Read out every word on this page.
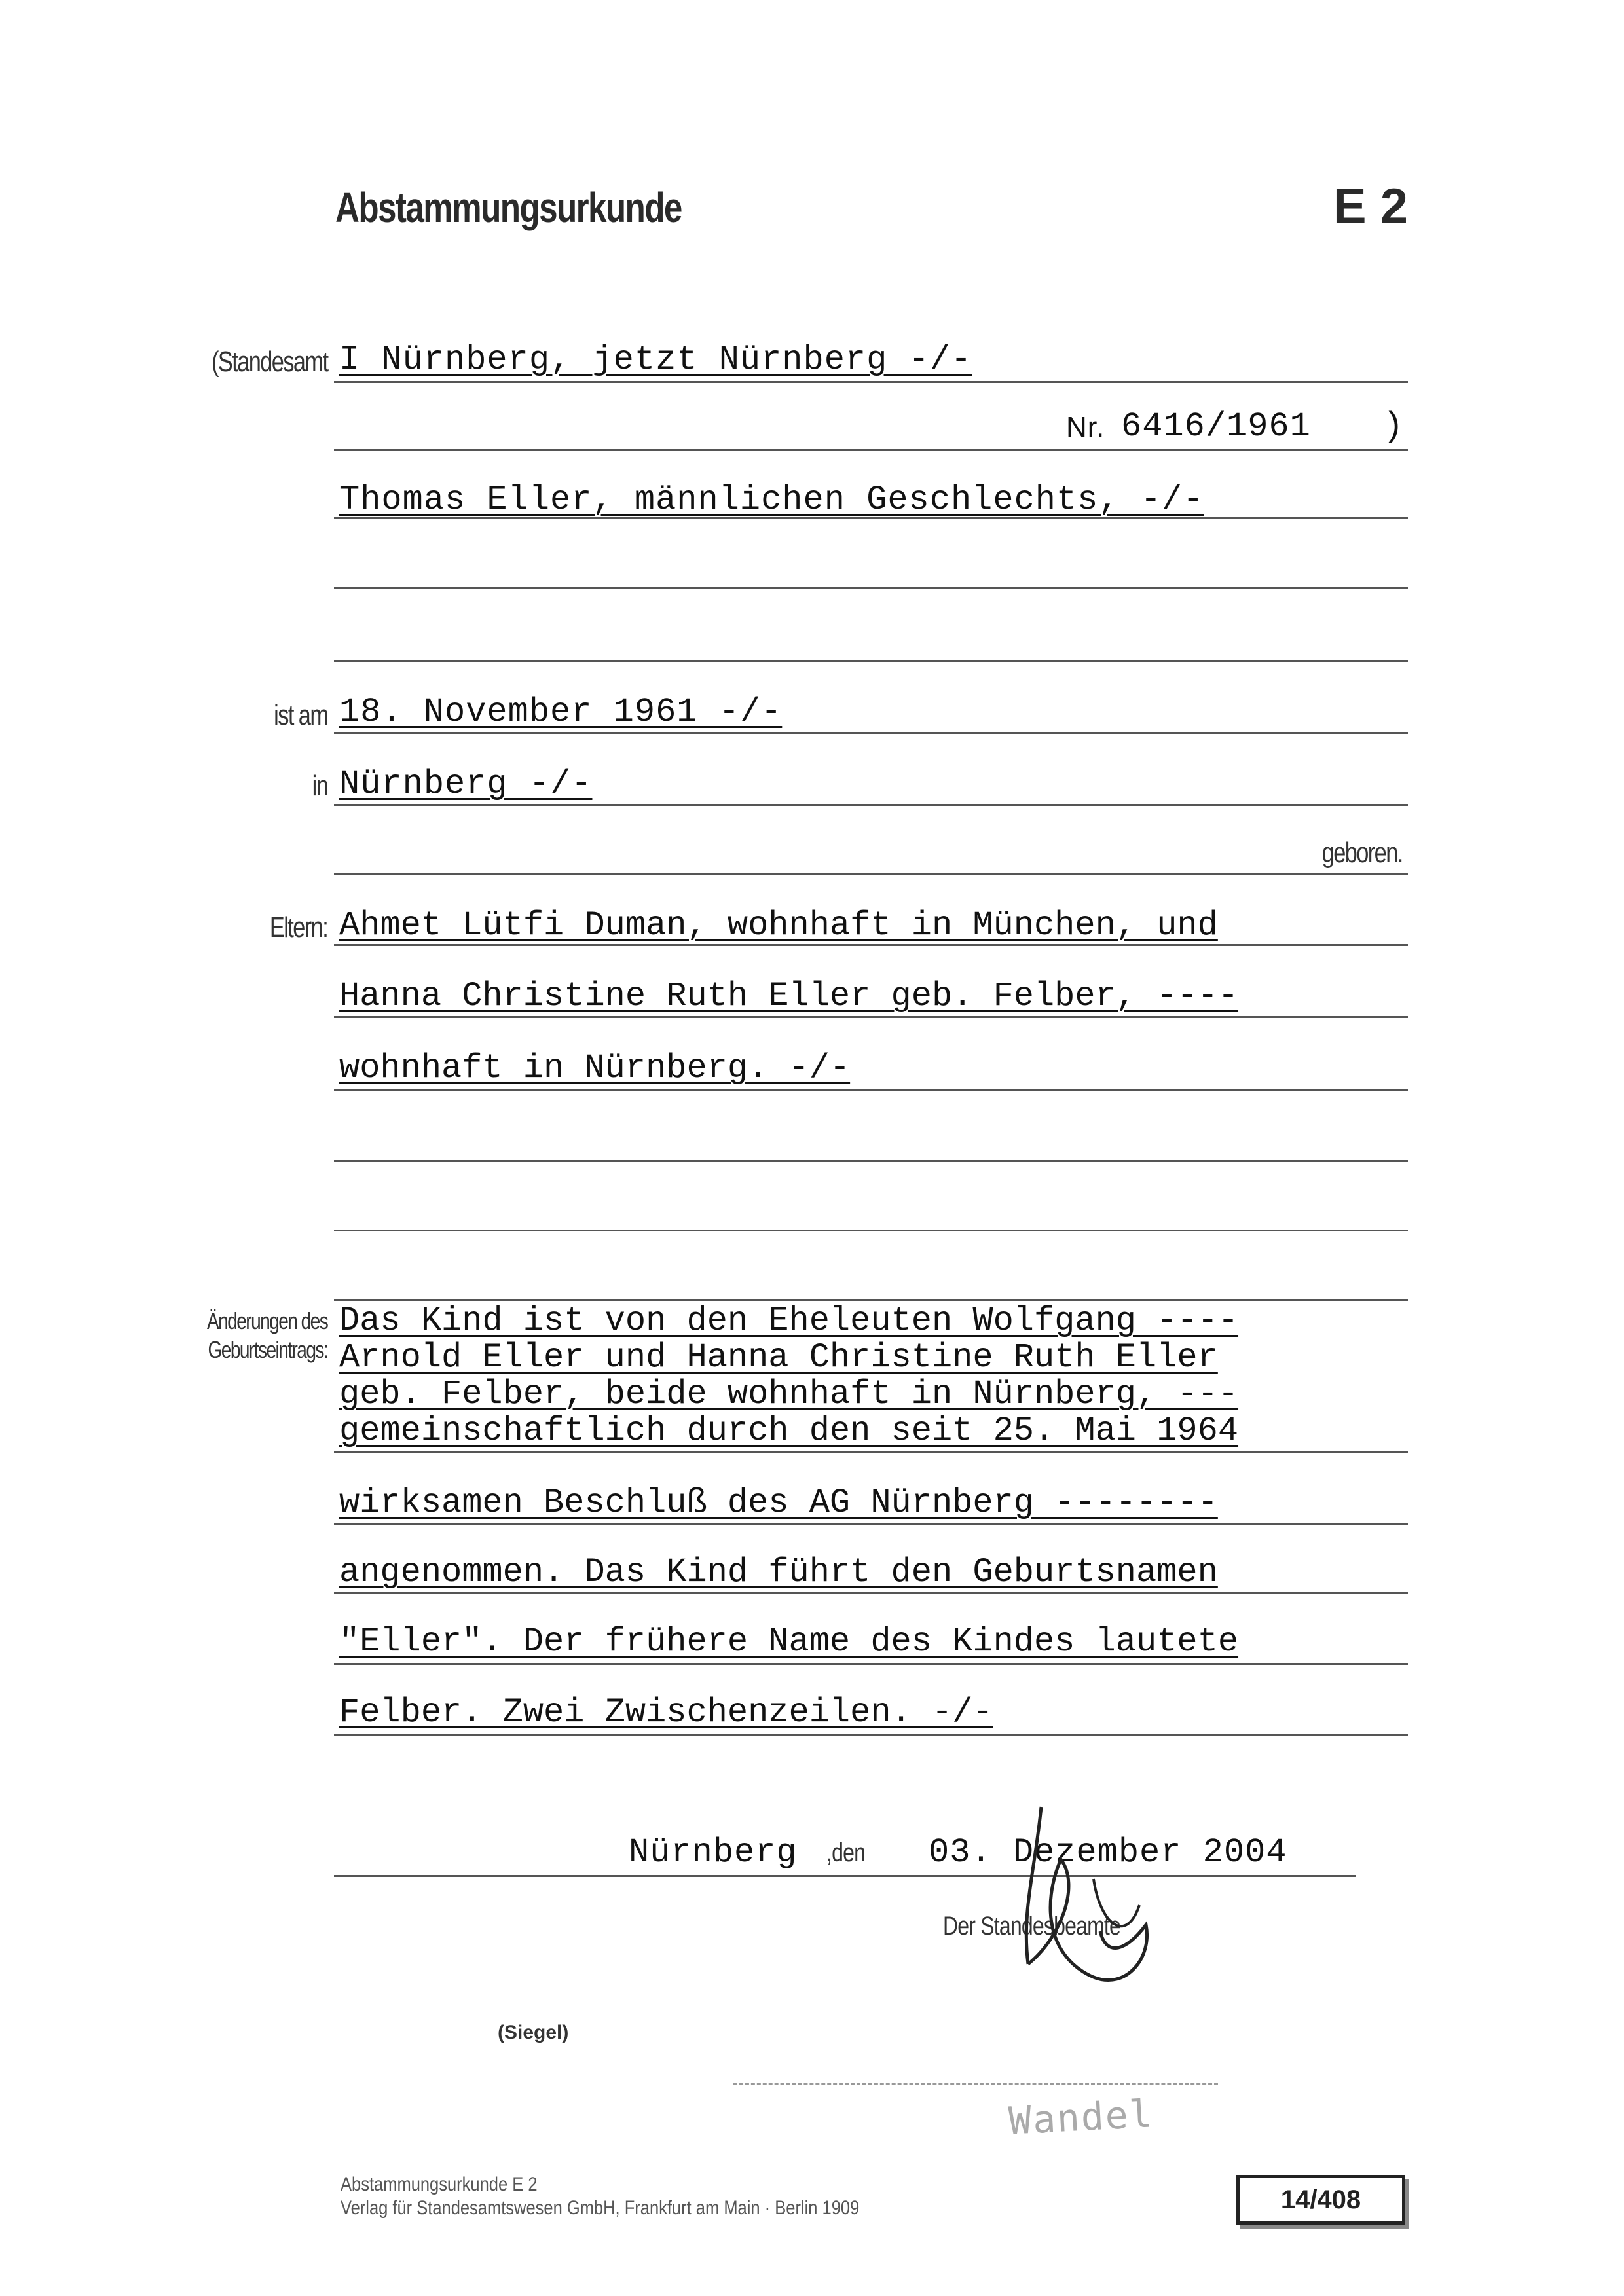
Abstammungsurkunde	E 2
(Standesamt I Nürnberg, jetzt Nürnberg -/-
Nr. 6416/1961 )
Thomas Eller, männlichen Geschlechts, -/-
ist am 18. November 1961 -/-
in Nürnberg -/-
geboren.
Eltern: Ahmet Lütfi Duman, wohnhaft in München, und
Hanna Christine Ruth Eller geb. Felber, ----
wohnhaft in Nürnberg. -/-
Änderungen des
Geburtseintrags:
Das Kind ist von den Eheleuten Wolfgang ----
Arnold Eller und Hanna Christine Ruth Eller
geb. Felber, beide wohnhaft in Nürnberg, ---
gemeinschaftlich durch den seit 25. Mai 1964
wirksamen Beschluß des AG Nürnberg --------
angenommen. Das Kind führt den Geburtsnamen
"Eller". Der frühere Name des Kindes lautete
Felber. Zwei Zwischenzeilen. -/-
Nürnberg ,den 03. Dezember 2004
Der Standesbeamte
(Siegel)
Wandel
Abstammungsurkunde E 2
Verlag für Standesamtswesen GmbH, Frankfurt am Main · Berlin 1909	14/408
